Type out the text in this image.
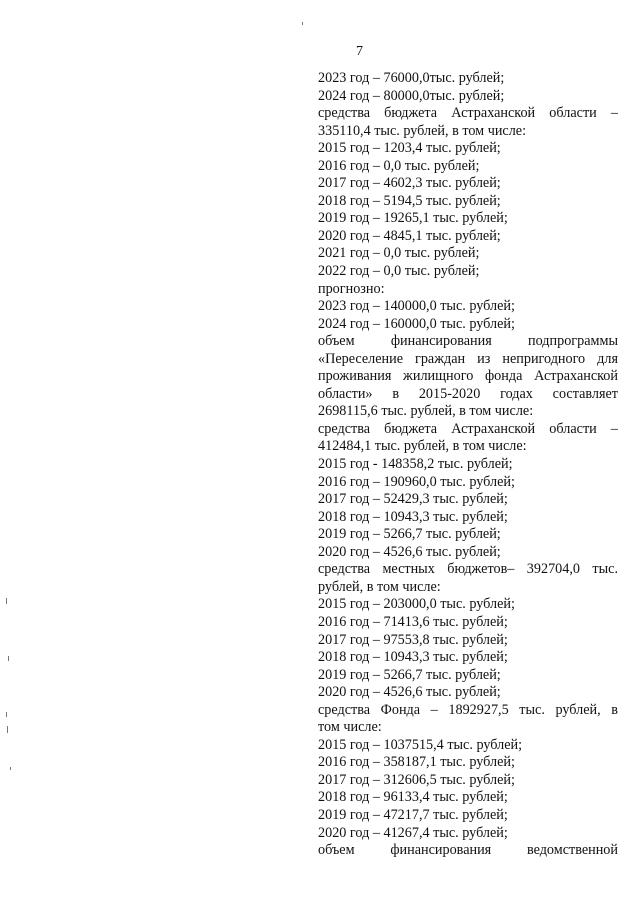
7
2023 год – 76000,0тыс. рублей;
2024 год – 80000,0тыс. рублей;
средства бюджета Астраханской области –
335110,4 тыс. рублей, в том числе:
2015 год – 1203,4 тыс. рублей;
2016 год – 0,0 тыс. рублей;
2017 год – 4602,3 тыс. рублей;
2018 год – 5194,5 тыс. рублей;
2019 год – 19265,1 тыс. рублей;
2020 год – 4845,1 тыс. рублей;
2021 год – 0,0 тыс. рублей;
2022 год – 0,0 тыс. рублей;
прогнозно:
2023 год – 140000,0 тыс. рублей;
2024 год – 160000,0 тыс. рублей;
объем финансирования подпрограммы
«Переселение граждан из непригодного для
проживания жилищного фонда Астраханской
области» в 2015-2020 годах составляет
2698115,6 тыс. рублей, в том числе:
средства бюджета Астраханской области –
412484,1 тыс. рублей, в том числе:
2015 год - 148358,2 тыс. рублей;
2016 год – 190960,0 тыс. рублей;
2017 год – 52429,3 тыс. рублей;
2018 год – 10943,3 тыс. рублей;
2019 год – 5266,7 тыс. рублей;
2020 год – 4526,6 тыс. рублей;
средства местных бюджетов– 392704,0 тыс.
рублей, в том числе:
2015 год – 203000,0 тыс. рублей;
2016 год – 71413,6 тыс. рублей;
2017 год – 97553,8 тыс. рублей;
2018 год – 10943,3 тыс. рублей;
2019 год – 5266,7 тыс. рублей;
2020 год – 4526,6 тыс. рублей;
средства Фонда – 1892927,5 тыс. рублей, в
том числе:
2015 год – 1037515,4 тыс. рублей;
2016 год – 358187,1 тыс. рублей;
2017 год – 312606,5 тыс. рублей;
2018 год – 96133,4 тыс. рублей;
2019 год – 47217,7 тыс. рублей;
2020 год – 41267,4 тыс. рублей;
объем финансирования ведомственной
